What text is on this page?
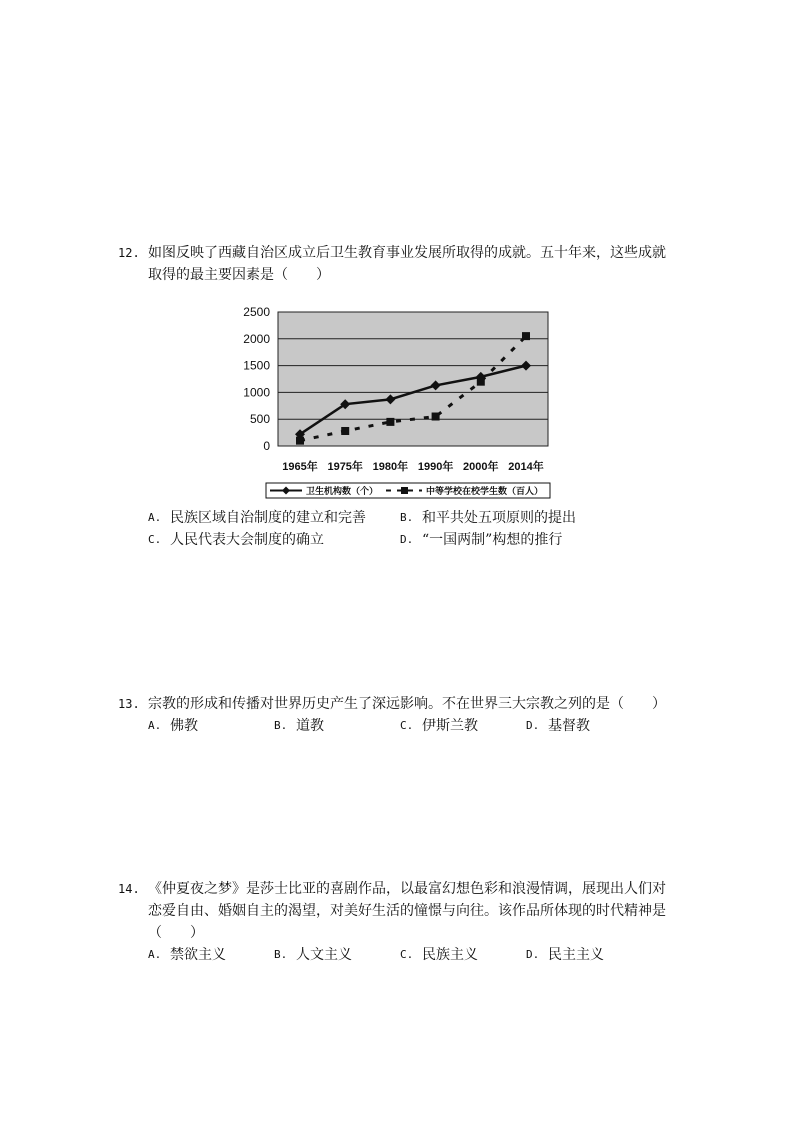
12. 如图反映了西藏自治区成立后卫生教育事业发展所取得的成就。五十年来，这些成就
取得的最主要因素是（　　）
2500
2000
1500
1000
500
0
1965年 1975年 1980年 1990年 2000年 2014年
卫生机构数（个）	中等学校在校学生数（百人）
A. 民族区域自治制度的建立和完善	B. 和平共处五项原则的提出
C. 人民代表大会制度的确立	D. “一国两制”构想的推行
13. 宗教的形成和传播对世界历史产生了深远影响。不在世界三大宗教之列的是（　　）
A. 佛教	B. 道教	C. 伊斯兰教	D. 基督教
14. 《仲夏夜之梦》是莎士比亚的喜剧作品，以最富幻想色彩和浪漫情调，展现出人们对
恋爱自由、婚姻自主的渴望，对美好生活的憧憬与向往。该作品所体现的时代精神是
（　　）
A. 禁欲主义	B. 人文主义	C. 民族主义	D. 民主主义
